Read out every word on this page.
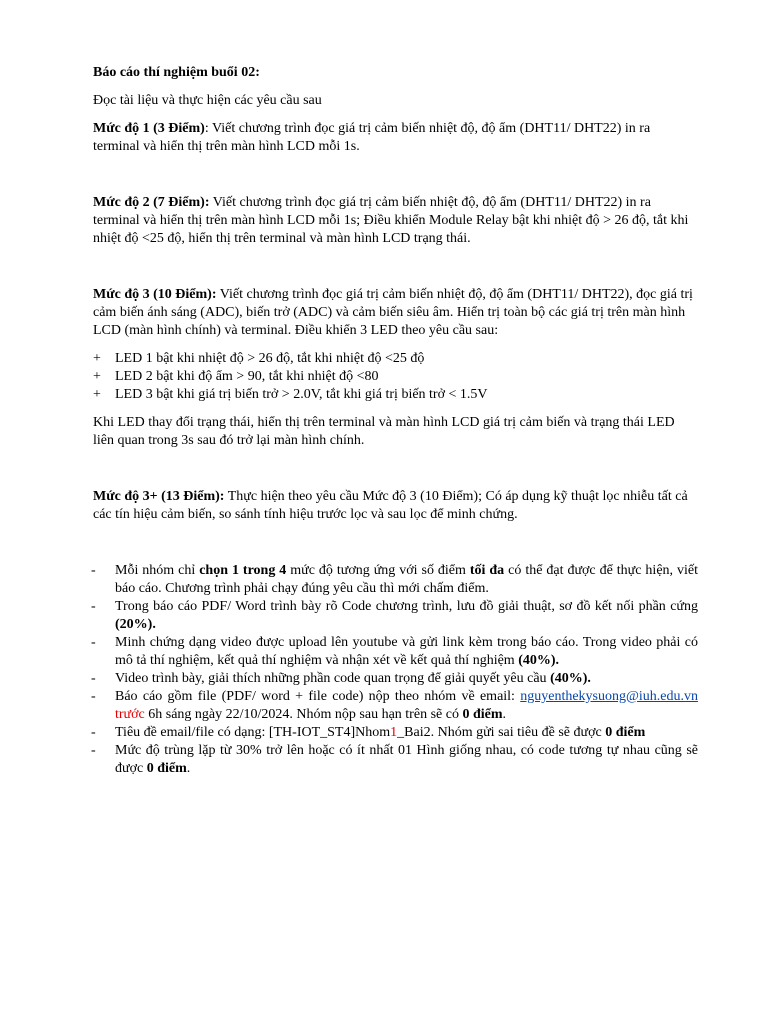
Báo cáo thí nghiệm buổi 02:

Đọc tài liệu và thực hiện các yêu cầu sau

Mức độ 1 (3 Điểm): Viết chương trình đọc giá trị cảm biến nhiệt độ, độ ẩm (DHT11/ DHT22) in ra terminal và hiển thị trên màn hình LCD mỗi 1s.

Mức độ 2 (7 Điểm): Viết chương trình đọc giá trị cảm biến nhiệt độ, độ ẩm (DHT11/ DHT22) in ra terminal và hiển thị trên màn hình LCD mỗi 1s; Điều khiển Module Relay bật khi nhiệt độ > 26 độ, tắt khi nhiệt độ <25 độ, hiển thị trên terminal và màn hình LCD trạng thái.

Mức độ 3 (10 Điểm): Viết chương trình đọc giá trị cảm biến nhiệt độ, độ ẩm (DHT11/ DHT22), đọc giá trị cảm biến ánh sáng (ADC), biến trở (ADC) và cảm biến siêu âm. Hiển trị toàn bộ các giá trị trên màn hình LCD (màn hình chính) và terminal. Điều khiển 3 LED theo yêu cầu sau:

+ LED 1 bật khi nhiệt độ > 26 độ, tắt khi nhiệt độ <25 độ
+ LED 2 bật khi độ ẩm > 90, tắt khi nhiệt độ <80
+ LED 3 bật khi giá trị biến trở > 2.0V, tắt khi giá trị biến trở < 1.5V

Khi LED thay đổi trạng thái, hiển thị trên terminal và màn hình LCD giá trị cảm biến và trạng thái LED liên quan trong 3s sau đó trở lại màn hình chính.

Mức độ 3+ (13 Điểm): Thực hiện theo yêu cầu Mức độ 3 (10 Điểm); Có áp dụng kỹ thuật lọc nhiễu tất cả các tín hiệu cảm biến, so sánh tính hiệu trước lọc và sau lọc để minh chứng.

- Mỗi nhóm chỉ chọn 1 trong 4 mức độ tương ứng với số điểm tối đa có thể đạt được để thực hiện, viết báo cáo. Chương trình phải chạy đúng yêu cầu thì mới chấm điểm.
- Trong báo cáo PDF/ Word trình bày rõ Code chương trình, lưu đồ giải thuật, sơ đồ kết nối phần cứng (20%).
- Minh chứng dạng video được upload lên youtube và gửi link kèm trong báo cáo. Trong video phải có mô tả thí nghiệm, kết quả thí nghiệm và nhận xét về kết quả thí nghiệm (40%).
- Video trình bày, giải thích những phần code quan trọng để giải quyết yêu cầu (40%).
- Báo cáo gồm file (PDF/ word + file code) nộp theo nhóm về email: nguyenthekysuong@iuh.edu.vn trước 6h sáng ngày 22/10/2024. Nhóm nộp sau hạn trên sẽ có 0 điểm.
- Tiêu đề email/file có dạng: [TH-IOT_ST4]Nhom1_Bai2. Nhóm gửi sai tiêu đề sẽ được 0 điểm
- Mức độ trùng lặp từ 30% trở lên hoặc có ít nhất 01 Hình giống nhau, có code tương tự nhau cũng sẽ được 0 điểm.
